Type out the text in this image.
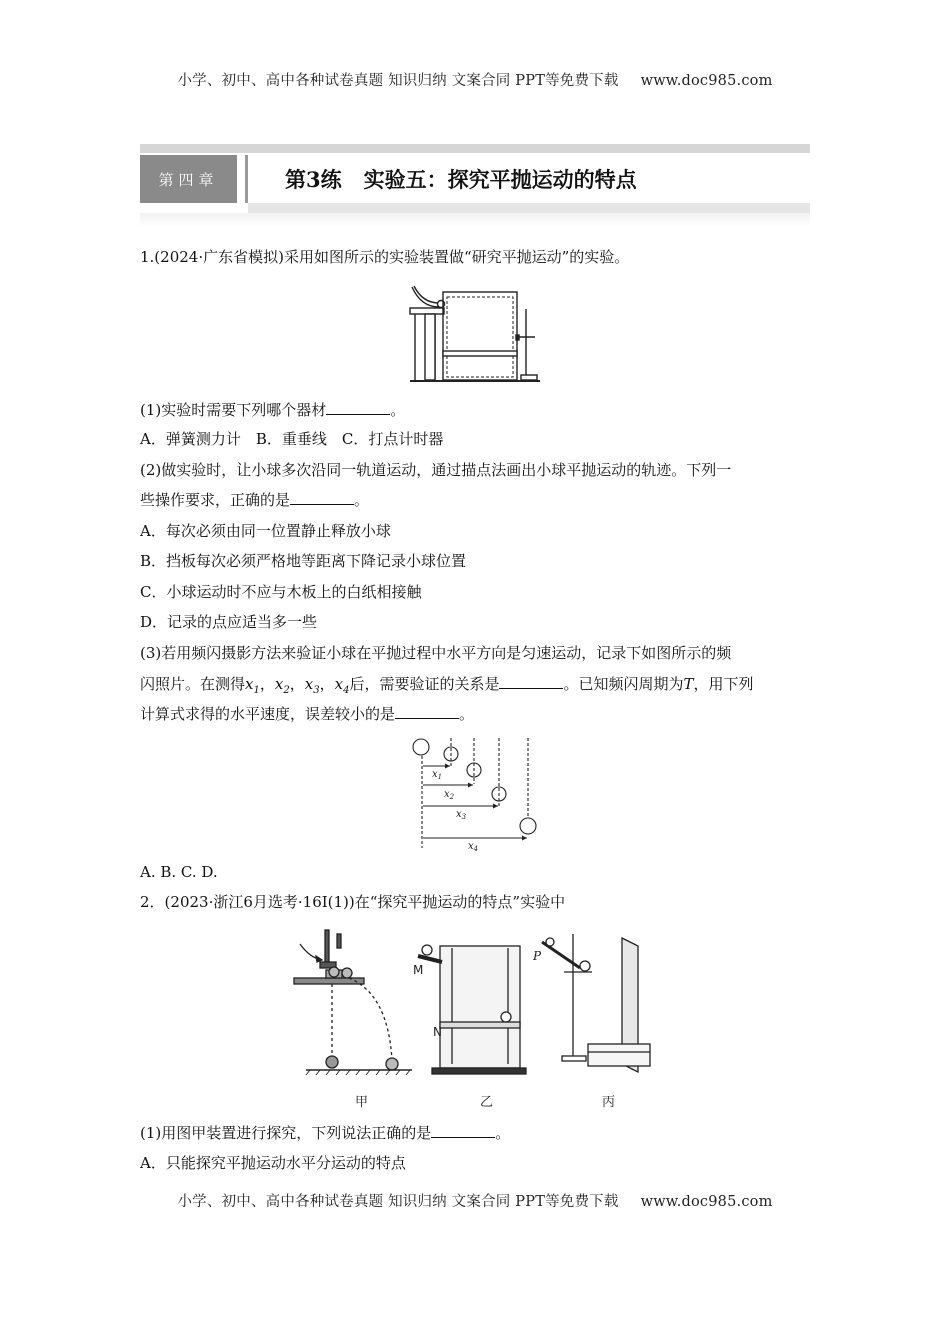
小学、初中、高中各种试卷真题 知识归纳 文案合同 PPT等免费下载 www.doc985.com
第四章	第3练 实验五：探究平抛运动的特点
1.(2024·广东省模拟)采用如图所示的实验装置做“研究平抛运动”的实验。
(1)实验时需要下列哪个器材	。
A．弹簧测力计　B．重垂线　C．打点计时器
(2)做实验时，让小球多次沿同一轨道运动，通过描点法画出小球平抛运动的轨迹。下列一
些操作要求，正确的是	。
A．每次必须由同一位置静止释放小球
B．挡板每次必须严格地等距离下降记录小球位置
C．小球运动时不应与木板上的白纸相接触
D．记录的点应适当多一些
(3)若用频闪摄影方法来验证小球在平抛过程中水平方向是匀速运动，记录下如图所示的频
闪照片。在测得$x_1$，$x_2$，$x_3$，$x_4$后，需要验证的关系是	。已知频闪周期为T，用下列
计算式求得的水平速度，误差较小的是	。
$x_1$
$x_2$
$x_3$
$x_4$
A. B. C. D.
2．(2023·浙江6月选考·16Ⅰ(1))在“探究平抛运动的特点”实验中
M
N
P
甲	乙	丙
(1)用图甲装置进行探究，下列说法正确的是	。
A．只能探究平抛运动水平分运动的特点
小学、初中、高中各种试卷真题 知识归纳 文案合同 PPT等免费下载 www.doc985.com
